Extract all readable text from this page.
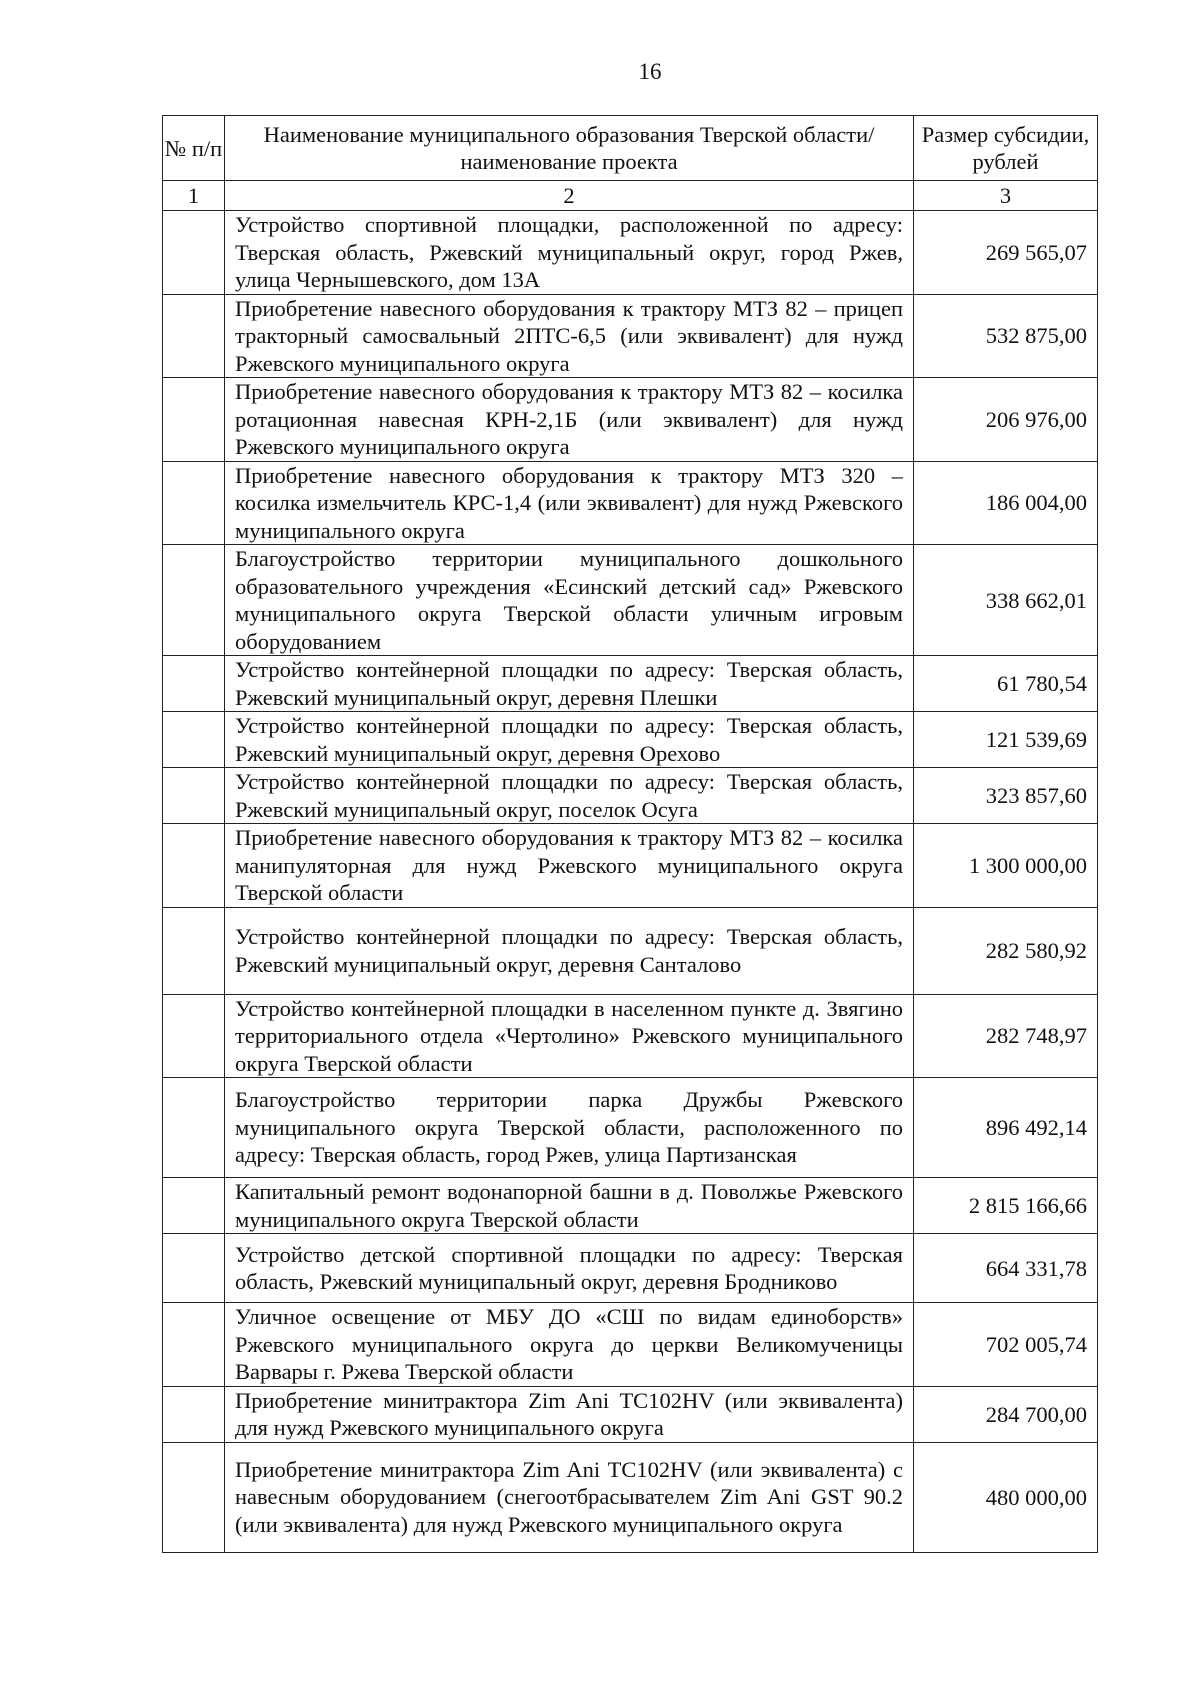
16
№ п/п	Наименование муниципального образования Тверской области/наименование проекта	Размер субсидии, рублей
1	2	3
	Устройство спортивной площадки, расположенной по адресу: Тверская область, Ржевский муниципальный округ, город Ржев, улица Чернышевского, дом 13А	269 565,07
	Приобретение навесного оборудования к трактору МТЗ 82 – прицеп тракторный самосвальный 2ПТС-6,5 (или эквивалент) для нужд Ржевского муниципального округа	532 875,00
	Приобретение навесного оборудования к трактору МТЗ 82 – косилка ротационная навесная КРН-2,1Б (или эквивалент) для нужд Ржевского муниципального округа	206 976,00
	Приобретение навесного оборудования к трактору МТЗ 320 – косилка измельчитель КРС-1,4 (или эквивалент) для нужд Ржевского муниципального округа	186 004,00
	Благоустройство территории муниципального дошкольного образовательного учреждения «Есинский детский сад» Ржевского муниципального округа Тверской области уличным игровым оборудованием	338 662,01
	Устройство контейнерной площадки по адресу: Тверская область, Ржевский муниципальный округ, деревня Плешки	61 780,54
	Устройство контейнерной площадки по адресу: Тверская область, Ржевский муниципальный округ, деревня Орехово	121 539,69
	Устройство контейнерной площадки по адресу: Тверская область, Ржевский муниципальный округ, поселок Осуга	323 857,60
	Приобретение навесного оборудования к трактору МТЗ 82 – косилка манипуляторная для нужд Ржевского муниципального округа Тверской области	1 300 000,00
	Устройство контейнерной площадки по адресу: Тверская область, Ржевский муниципальный округ, деревня Санталово	282 580,92
	Устройство контейнерной площадки в населенном пункте д. Звягино территориального отдела «Чертолино» Ржевского муниципального округа Тверской области	282 748,97
	Благоустройство территории парка Дружбы Ржевского муниципального округа Тверской области, расположенного по адресу: Тверская область, город Ржев, улица Партизанская	896 492,14
	Капитальный ремонт водонапорной башни в д. Поволжье Ржевского муниципального округа Тверской области	2 815 166,66
	Устройство детской спортивной площадки по адресу: Тверская область, Ржевский муниципальный округ, деревня Бродниково	664 331,78
	Уличное освещение от МБУ ДО «СШ по видам единоборств» Ржевского муниципального округа до церкви Великомученицы Варвары г. Ржева Тверской области	702 005,74
	Приобретение минитрактора Zim Ani TC102HV (или эквивалента) для нужд Ржевского муниципального округа	284 700,00
	Приобретение минитрактора Zim Ani TC102HV (или эквивалента) с навесным оборудованием (снегоотбрасывателем Zim Ani GST 90.2 (или эквивалента) для нужд Ржевского муниципального округа	480 000,00
